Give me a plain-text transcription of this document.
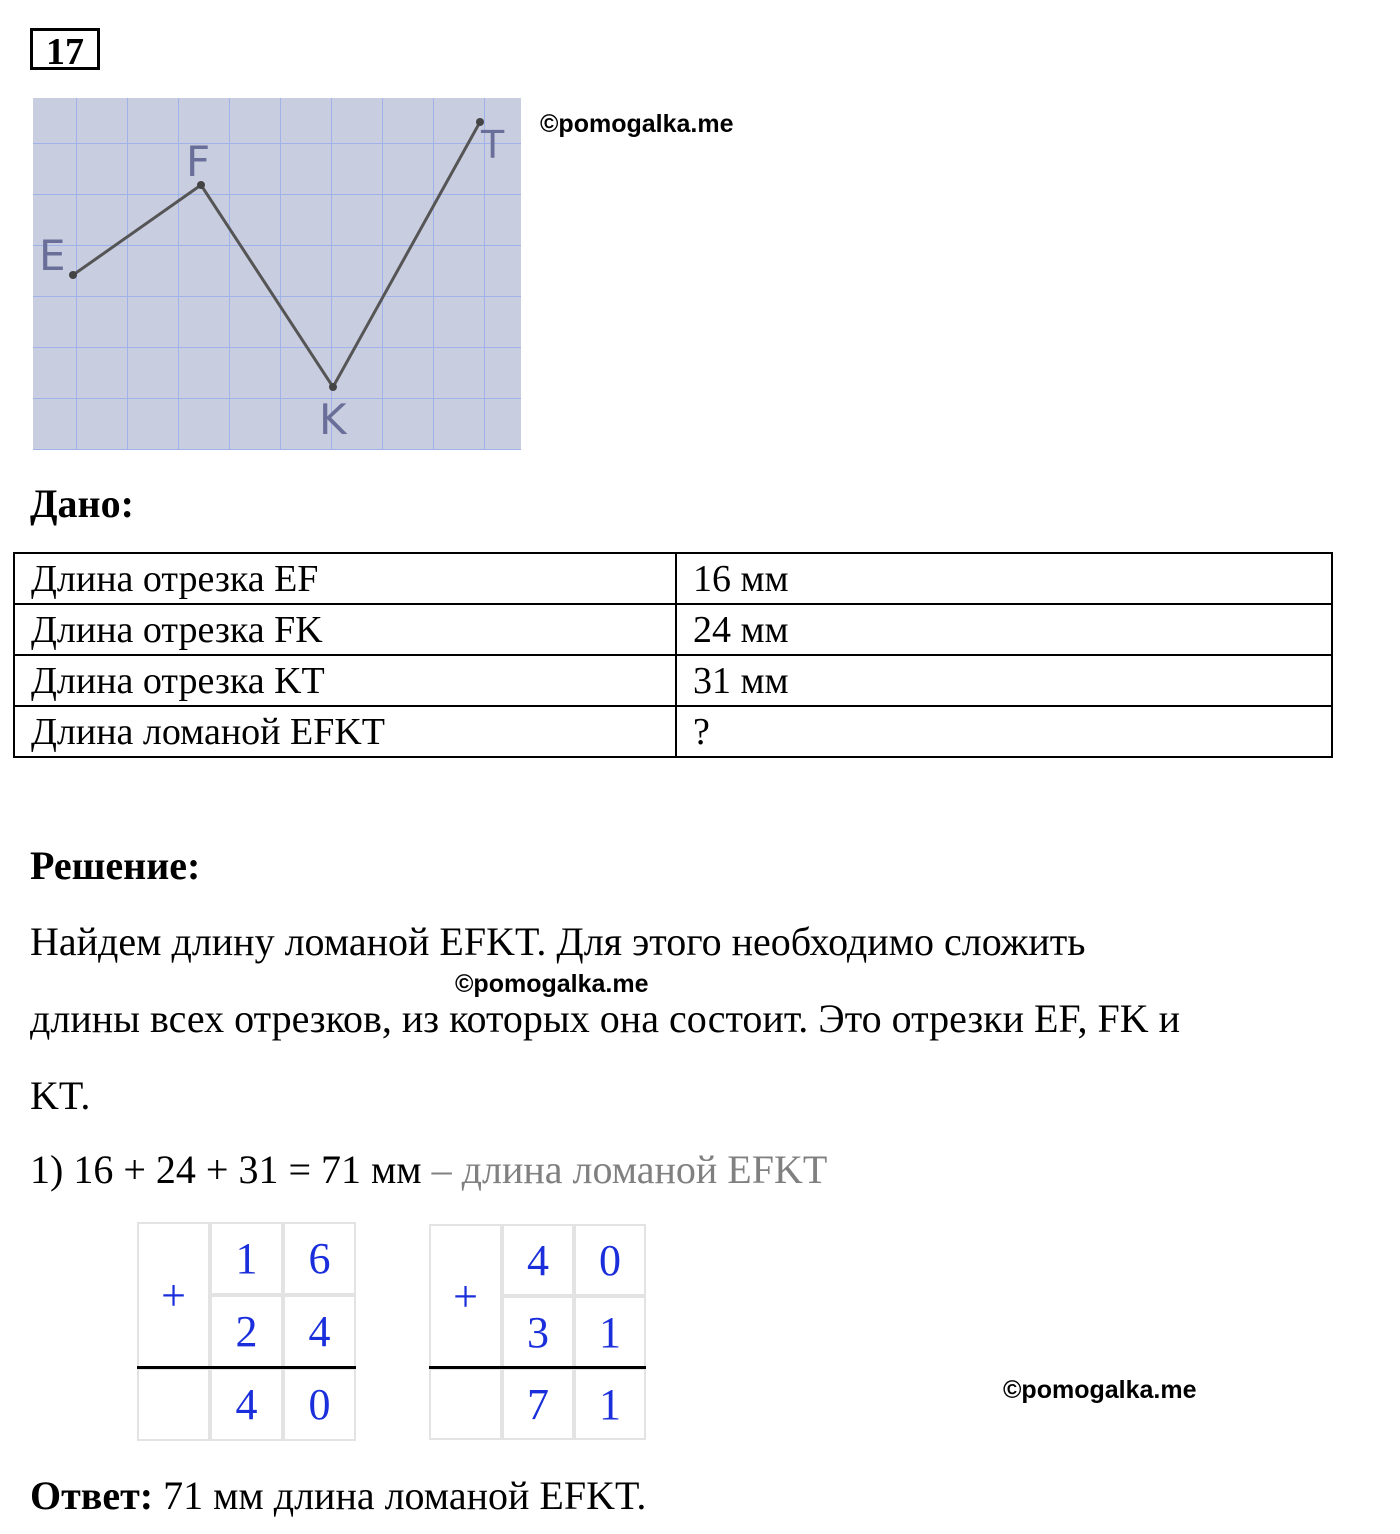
17
E
F
K
T ©pomogalka.me
Дано:
Длина отрезка EF	16 мм
Длина отрезка FK	24 мм
Длина отрезка KT	31 мм
Длина ломаной EFKT	?
Решение:
Найдем длину ломаной EFKT. Для этого необходимо сложить
©pomogalka.me
длины всех отрезков, из которых она состоит. Это отрезки EF, FK и
KT.
1) 16 + 24 + 31 = 71 мм – длина ломаной EFKT
+
1	6
2	4
4	0
+
4	0
3	1
7	1	©pomogalka.me
Ответ: 71 мм длина ломаной EFKT.
